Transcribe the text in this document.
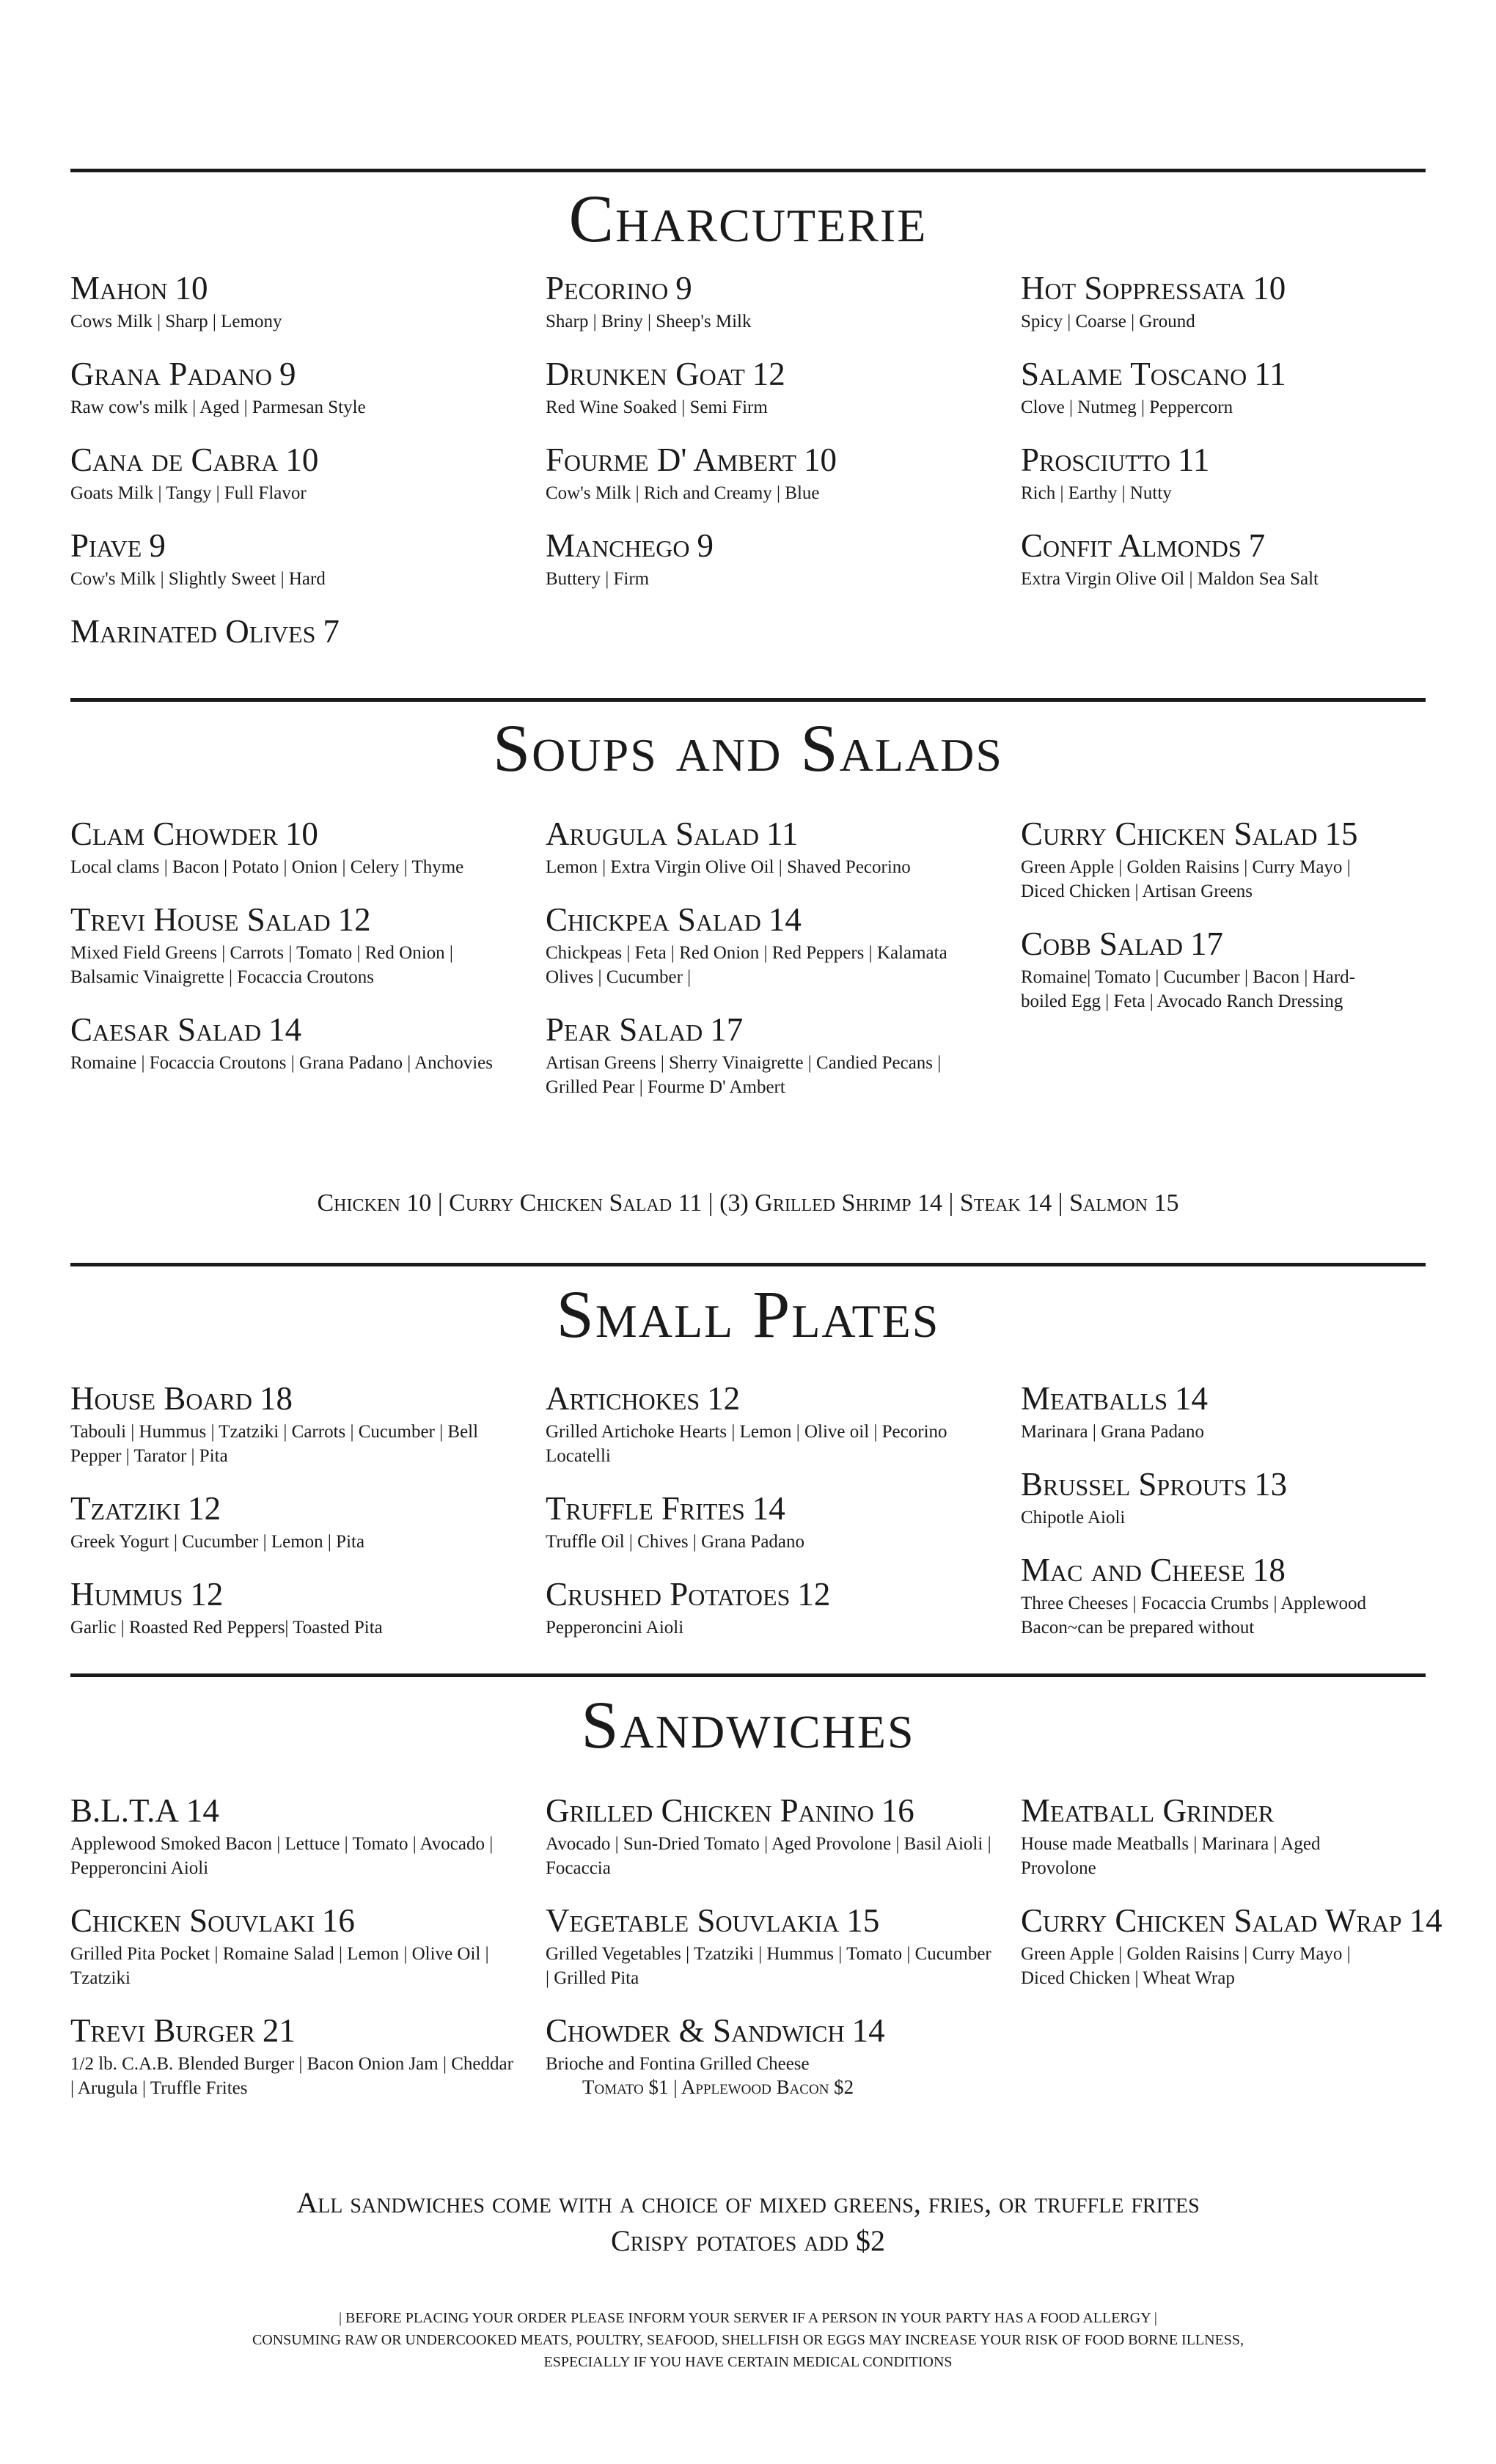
Charcuterie
Mahon 10
Cows Milk | Sharp | Lemony
Grana Padano 9
Raw cow's milk | Aged | Parmesan Style
Cana de Cabra 10
Goats Milk | Tangy | Full Flavor
Piave 9
Cow's Milk | Slightly Sweet | Hard
Marinated Olives 7
Pecorino 9
Sharp | Briny | Sheep's Milk
Drunken Goat 12
Red Wine Soaked | Semi Firm
Fourme D' Ambert 10
Cow's Milk | Rich and Creamy | Blue
Manchego 9
Buttery | Firm
Hot Soppressata 10
Spicy | Coarse | Ground
Salame Toscano 11
Clove | Nutmeg | Peppercorn
Prosciutto 11
Rich | Earthy | Nutty
Confit Almonds 7
Extra Virgin Olive Oil | Maldon Sea Salt
Soups and Salads
Clam Chowder 10
Local clams | Bacon | Potato | Onion | Celery | Thyme
Trevi House Salad 12
Mixed Field Greens | Carrots | Tomato | Red Onion | Balsamic Vinaigrette | Focaccia Croutons
Caesar Salad 14
Romaine | Focaccia Croutons | Grana Padano | Anchovies
Arugula Salad 11
Lemon | Extra Virgin Olive Oil | Shaved Pecorino
Chickpea Salad 14
Chickpeas | Feta | Red Onion | Red Peppers | Kalamata Olives | Cucumber |
Pear Salad 17
Artisan Greens | Sherry Vinaigrette | Candied Pecans | Grilled Pear | Fourme D' Ambert
Curry Chicken Salad 15
Green Apple | Golden Raisins | Curry Mayo | Diced Chicken | Artisan Greens
Cobb Salad 17
Romaine| Tomato | Cucumber | Bacon | Hard-boiled Egg | Feta | Avocado Ranch Dressing
Chicken 10 | Curry Chicken Salad 11 | (3) Grilled Shrimp 14 | Steak 14 | Salmon 15
Small Plates
House Board 18
Tabouli | Hummus | Tzatziki | Carrots | Cucumber | Bell Pepper | Tarator | Pita
Tzatziki 12
Greek Yogurt | Cucumber | Lemon | Pita
Hummus 12
Garlic | Roasted Red Peppers| Toasted Pita
Artichokes 12
Grilled Artichoke Hearts | Lemon | Olive oil | Pecorino Locatelli
Truffle Frites 14
Truffle Oil | Chives | Grana Padano
Crushed Potatoes 12
Pepperoncini Aioli
Meatballs 14
Marinara | Grana Padano
Brussel Sprouts 13
Chipotle Aioli
Mac and Cheese 18
Three Cheeses | Focaccia Crumbs | Applewood Bacon~can be prepared without
Sandwiches
B.L.T.A 14
Applewood Smoked Bacon | Lettuce | Tomato | Avocado | Pepperoncini Aioli
Chicken Souvlaki 16
Grilled Pita Pocket | Romaine Salad | Lemon | Olive Oil | Tzatziki
Trevi Burger 21
1/2 lb. C.A.B. Blended Burger | Bacon Onion Jam | Cheddar | Arugula | Truffle Frites
Grilled Chicken Panino 16
Avocado | Sun-Dried Tomato | Aged Provolone | Basil Aioli | Focaccia
Vegetable Souvlakia 15
Grilled Vegetables | Tzatziki | Hummus | Tomato | Cucumber | Grilled Pita
Chowder & Sandwich 14
Brioche and Fontina Grilled Cheese
Tomato $1 | Applewood Bacon $2
Meatball Grinder
House made Meatballs | Marinara | Aged Provolone
Curry Chicken Salad Wrap 14
Green Apple | Golden Raisins | Curry Mayo | Diced Chicken | Wheat Wrap
All sandwiches come with a choice of mixed greens, fries, or truffle frites
Crispy potatoes add $2
| BEFORE PLACING YOUR ORDER PLEASE INFORM YOUR SERVER IF A PERSON IN YOUR PARTY HAS A FOOD ALLERGY |
CONSUMING RAW OR UNDERCOOKED MEATS, POULTRY, SEAFOOD, SHELLFISH OR EGGS MAY INCREASE YOUR RISK OF FOOD BORNE ILLNESS,
ESPECIALLY IF YOU HAVE CERTAIN MEDICAL CONDITIONS
